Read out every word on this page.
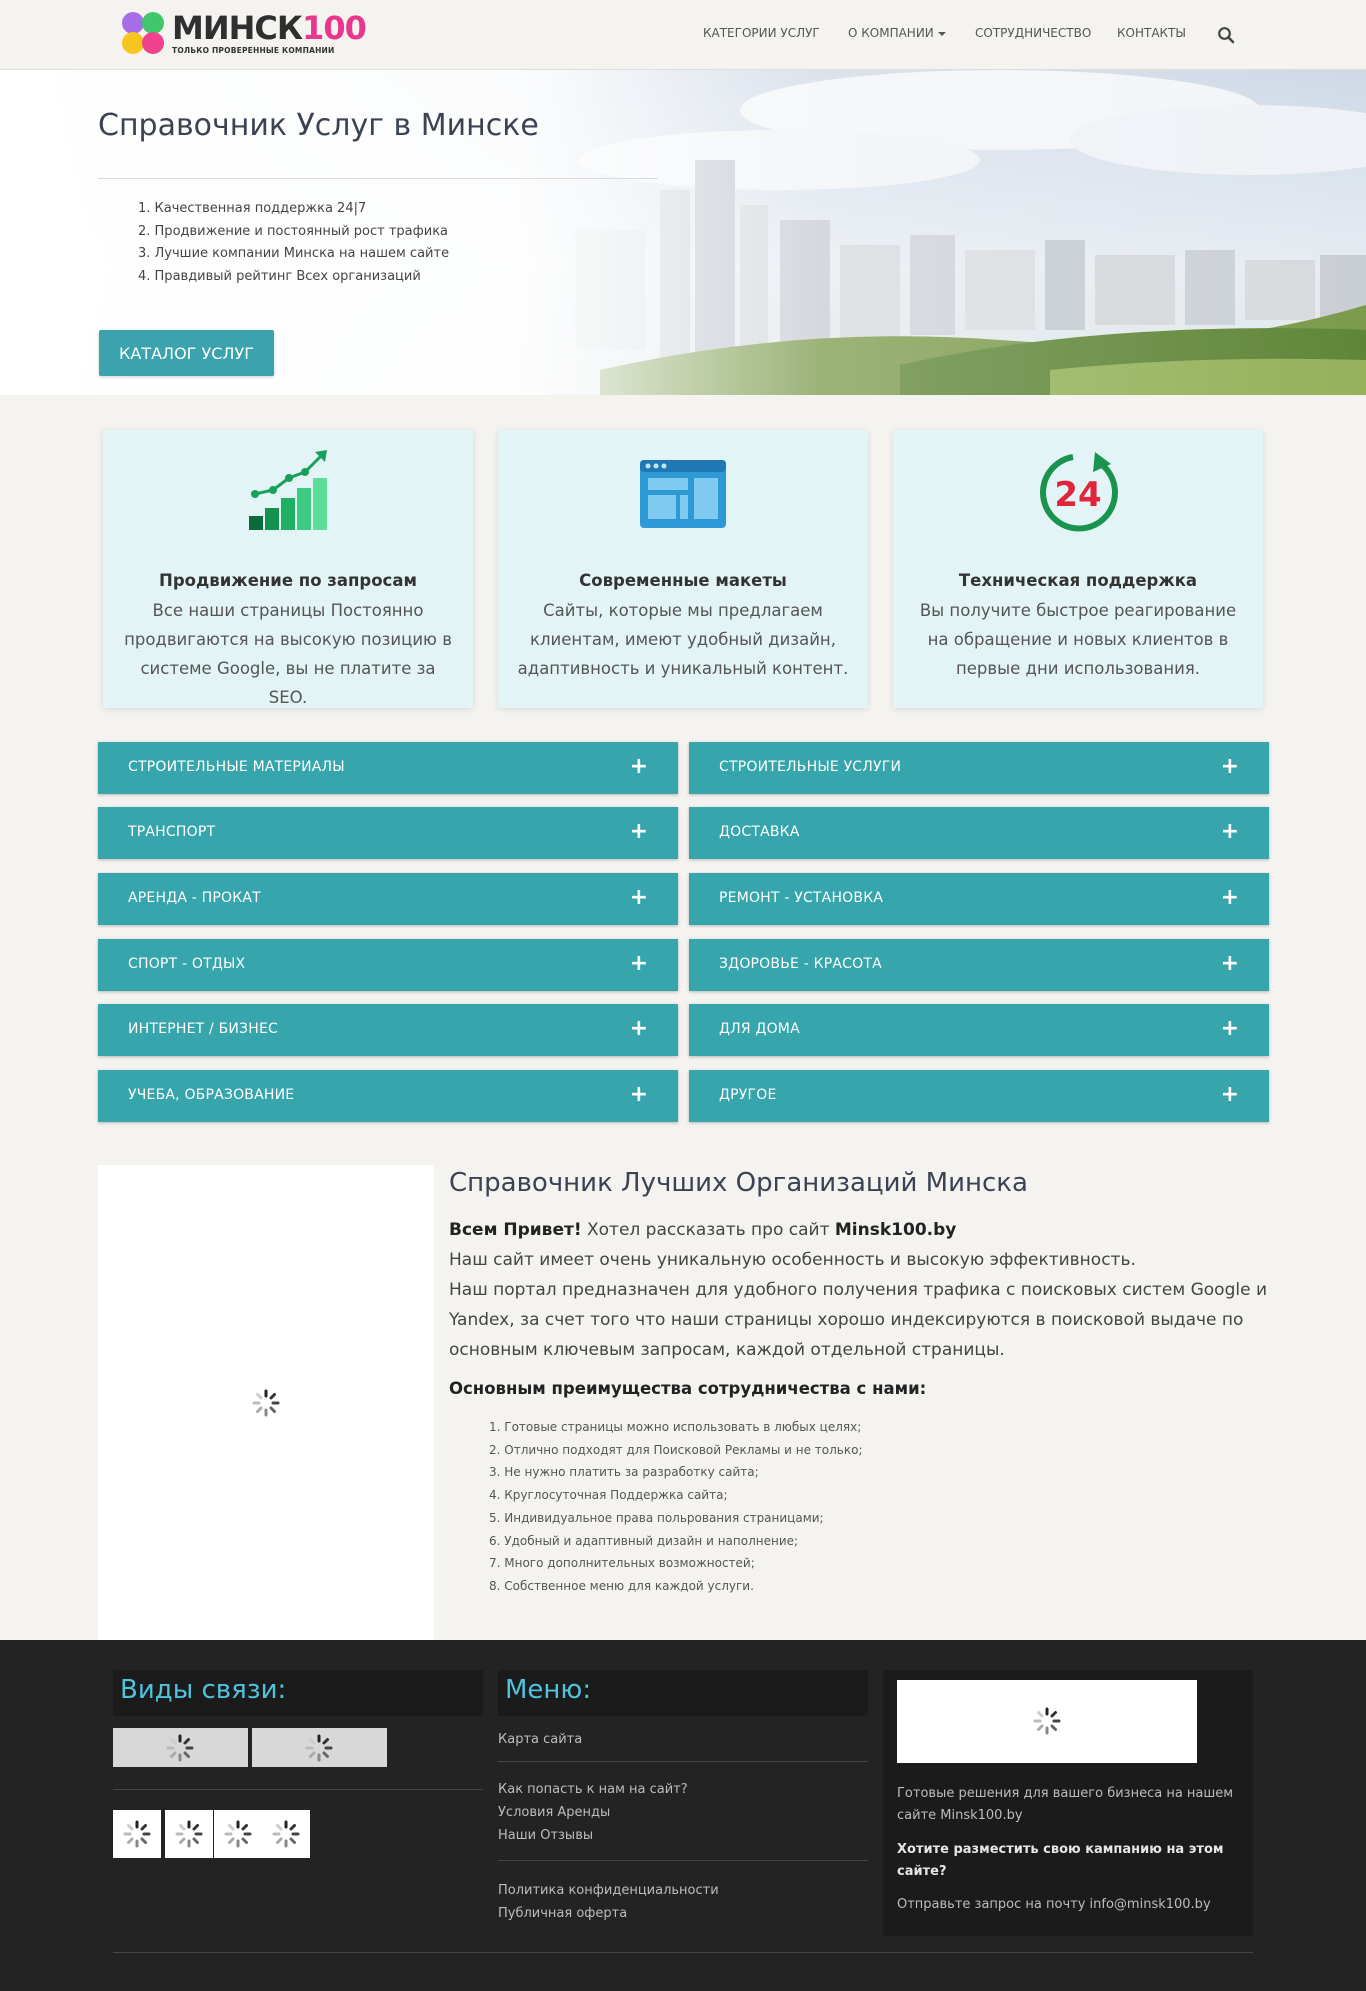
МИНСК100
ТОЛЬКО ПРОВЕРЕННЫЕ КОМПАНИИ
КАТЕГОРИИ УСЛУГ О КОМПАНИИ	СОТРУДНИЧЕСТВО КОНТАКТЫ
Справочник Услуг в Минске
1. Качественная поддержка 24|7
2. Продвижение и постоянный рост трафика
3. Лучшие компании Минска на нашем сайте
4. Правдивый рейтинг Всех организаций
КАТАЛОГ УСЛУГ
Продвижение по запросам

Все наши страницы Постоянно продвигаются на высокую позицию в системе Google, вы не платите за SEO.

Современные макеты

Сайты, которые мы предлагаем клиентам, имеют удобный дизайн, адаптивность и уникальный контент.

24
Техническая поддержка

Вы получите быстрое реагирование на обращение и новых клиентов в первые дни использования.

СТРОИТЕЛЬНЫЕ МАТЕРИАЛЫ	+	СТРОИТЕЛЬНЫЕ УСЛУГИ	+
ТРАНСПОРТ	+	ДОСТАВКА	+
АРЕНДА - ПРОКАТ	+	РЕМОНТ - УСТАНОВКА	+
СПОРТ - ОТДЫХ	+	ЗДОРОВЬЕ - КРАСОТА	+
ИНТЕРНЕТ / БИЗНЕС	+	ДЛЯ ДОМА	+
УЧЕБА, ОБРАЗОВАНИЕ	+	ДРУГОЕ	+
Справочник Лучших Организаций Минска
Всем Привет! Хотел рассказать про сайт Minsk100.by
Наш сайт имеет очень уникальную особенность и высокую эффективность.
Наш портал предназначен для удобного получения трафика с поисковых систем Google и Yandex, за счет того что наши страницы хорошо индексируются в поисковой выдаче по основным ключевым запросам, каждой отдельной страницы.
Основным преимущества сотрудничества с нами:
1. Готовые страницы можно использовать в любых целях;
2. Отлично подходят для Поисковой Рекламы и не только;
3. Не нужно платить за разработку сайта;
4. Круглосуточная Поддержка сайта;
5. Индивидуальное права польрования страницами;
6. Удобный и адаптивный дизайн и наполнение;
7. Много дополнительных возможностей;
8. Собственное меню для каждой услуги.
Виды связи:	Меню:
Карта сайта
Как попасть к нам на сайт?
Условия Аренды
Наши Отзывы
Политика конфиденциальности
Публичная оферта
Готовые решения для вашего бизнеса на нашем сайте Minsk100.by
Хотите разместить свою кампанию на этом сайте?
Отправьте запрос на почту info@minsk100.by
